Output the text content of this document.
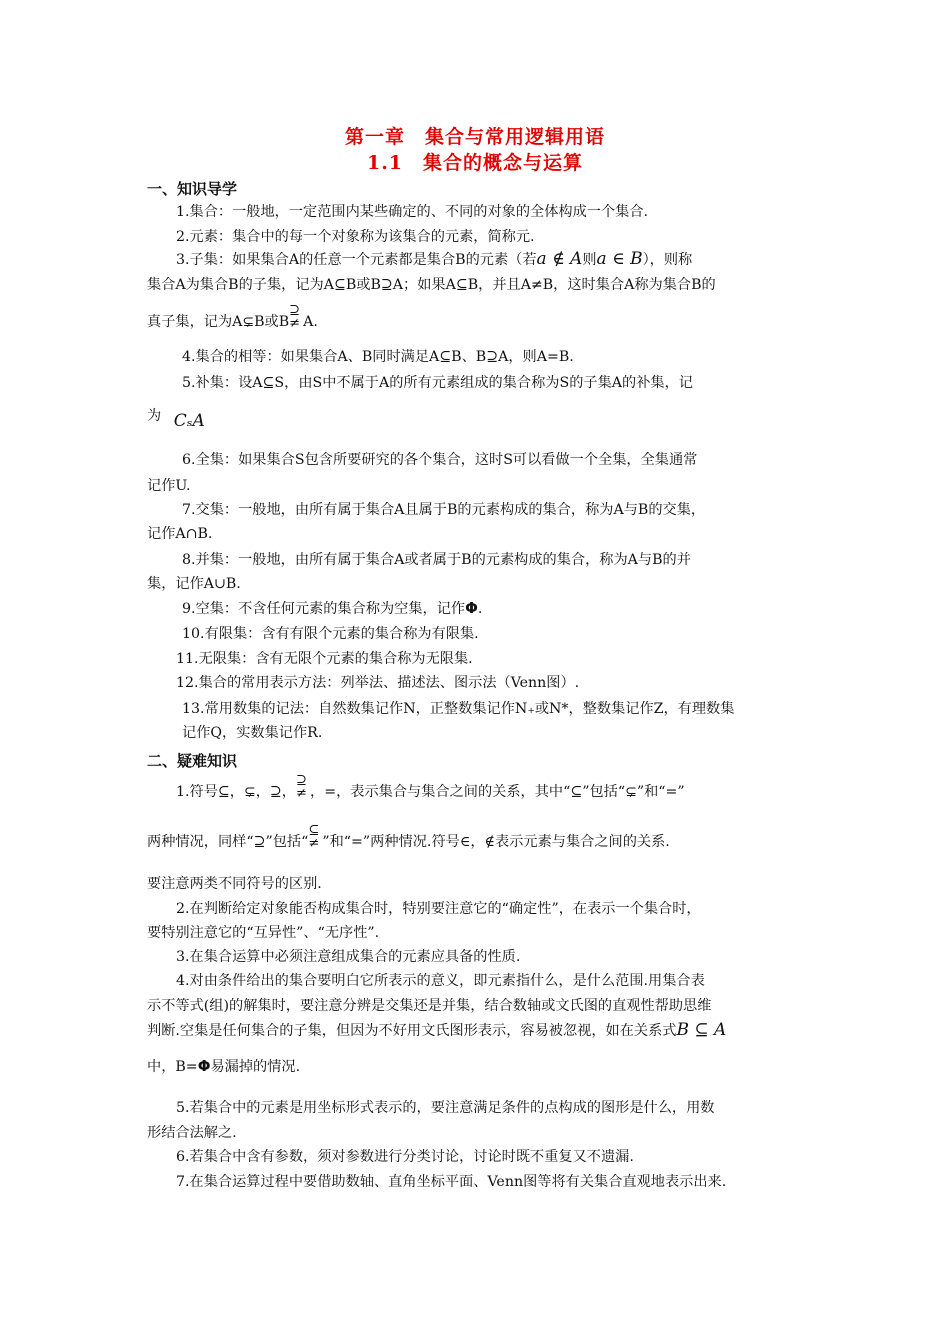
第一章　集合与常用逻辑用语
1.1　集合的概念与运算
一、知识导学
1.集合：一般地，一定范围内某些确定的、不同的对象的全体构成一个集合.
2.元素：集合中的每一个对象称为该集合的元素，简称元.
3.子集：如果集合A的任意一个元素都是集合B的元素（若a ∉ A则a ∈ B），则称
集合A为集合B的子集，记为A⊆B或B⊇A；如果A⊆B，并且A≠B，这时集合A称为集合B的
真子集，记为A⊊B或B
⊇
≠ A.
4.集合的相等：如果集合A、B同时满足A⊆B、B⊇A，则A=B.
5.补集：设A⊆S，由S中不属于A的所有元素组成的集合称为S的子集A的补集，记
为 CₛA
6.全集：如果集合S包含所要研究的各个集合，这时S可以看做一个全集，全集通常
记作U.
7.交集：一般地，由所有属于集合A且属于B的元素构成的集合，称为A与B的交集，
记作A∩B.
8.并集：一般地，由所有属于集合A或者属于B的元素构成的集合，称为A与B的并
集，记作A∪B.
9.空集：不含任何元素的集合称为空集，记作Φ.
10.有限集：含有有限个元素的集合称为有限集.
11.无限集：含有无限个元素的集合称为无限集.
12.集合的常用表示方法：列举法、描述法、图示法（Venn图）.
13.常用数集的记法：自然数集记作N，正整数集记作N₊或N*，整数集记作Z，有理数集
记作Q，实数集记作R.
二、疑难知识
1.符号⊆，⊊，⊇，
⊇
≠ ，=，表示集合与集合之间的关系，其中“⊆”包括“⊊”和“=”
两种情况，同样“⊇”包括“
⊆
≠ ”和“=”两种情况.符号∈，∉表示元素与集合之间的关系.
要注意两类不同符号的区别.
2.在判断给定对象能否构成集合时，特别要注意它的“确定性”，在表示一个集合时，
要特别注意它的“互异性”、“无序性”.
3.在集合运算中必须注意组成集合的元素应具备的性质.
4.对由条件给出的集合要明白它所表示的意义，即元素指什么，是什么范围.用集合表
示不等式(组)的解集时，要注意分辨是交集还是并集，结合数轴或文氏图的直观性帮助思维
判断.空集是任何集合的子集，但因为不好用文氏图形表示，容易被忽视，如在关系式B ⊆ A
中，B=Φ易漏掉的情况.
5.若集合中的元素是用坐标形式表示的，要注意满足条件的点构成的图形是什么，用数
形结合法解之.
6.若集合中含有参数，须对参数进行分类讨论，讨论时既不重复又不遗漏.
7.在集合运算过程中要借助数轴、直角坐标平面、Venn图等将有关集合直观地表示出来.
